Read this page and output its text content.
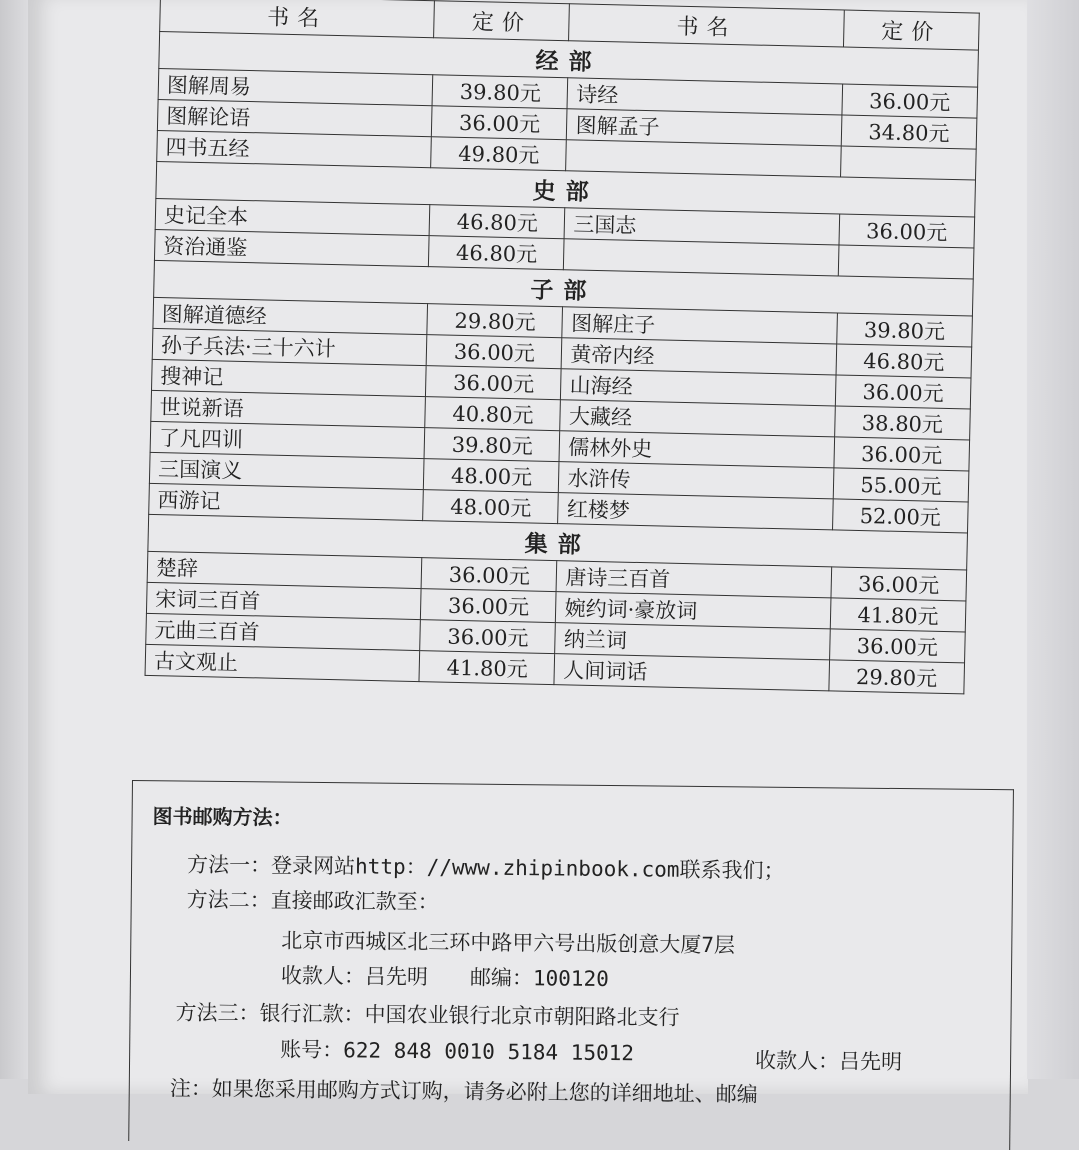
书名	定价	书名	定价
经部			
图解周易	39.80元	诗经	36.00元
图解论语	36.00元	图解孟子	34.80元
四书五经	49.80元		
史部			
史记全本	46.80元	三国志	36.00元
资治通鉴	46.80元		
子部			
图解道德经	29.80元	图解庄子	39.80元
孙子兵法·三十六计	36.00元	黄帝内经	46.80元
搜神记	36.00元	山海经	36.00元
世说新语	40.80元	大藏经	38.80元
了凡四训	39.80元	儒林外史	36.00元
三国演义	48.00元	水浒传	55.00元
西游记	48.00元	红楼梦	52.00元
集部			
楚辞	36.00元	唐诗三百首	36.00元
宋词三百首	36.00元	婉约词·豪放词	41.80元
元曲三百首	36.00元	纳兰词	36.00元
古文观止	41.80元	人间词话	29.80元
图书邮购方法：
方法一：登录网站http：//www.zhipinbook.com联系我们；
方法二：直接邮政汇款至：
北京市西城区北三环中路甲六号出版创意大厦7层
收款人：吕先明　　邮编：100120
方法三：银行汇款：中国农业银行北京市朝阳路北支行
账号：622 848 0010 5184 15012	收款人：吕先明
注：如果您采用邮购方式订购，请务必附上您的详细地址、邮编
